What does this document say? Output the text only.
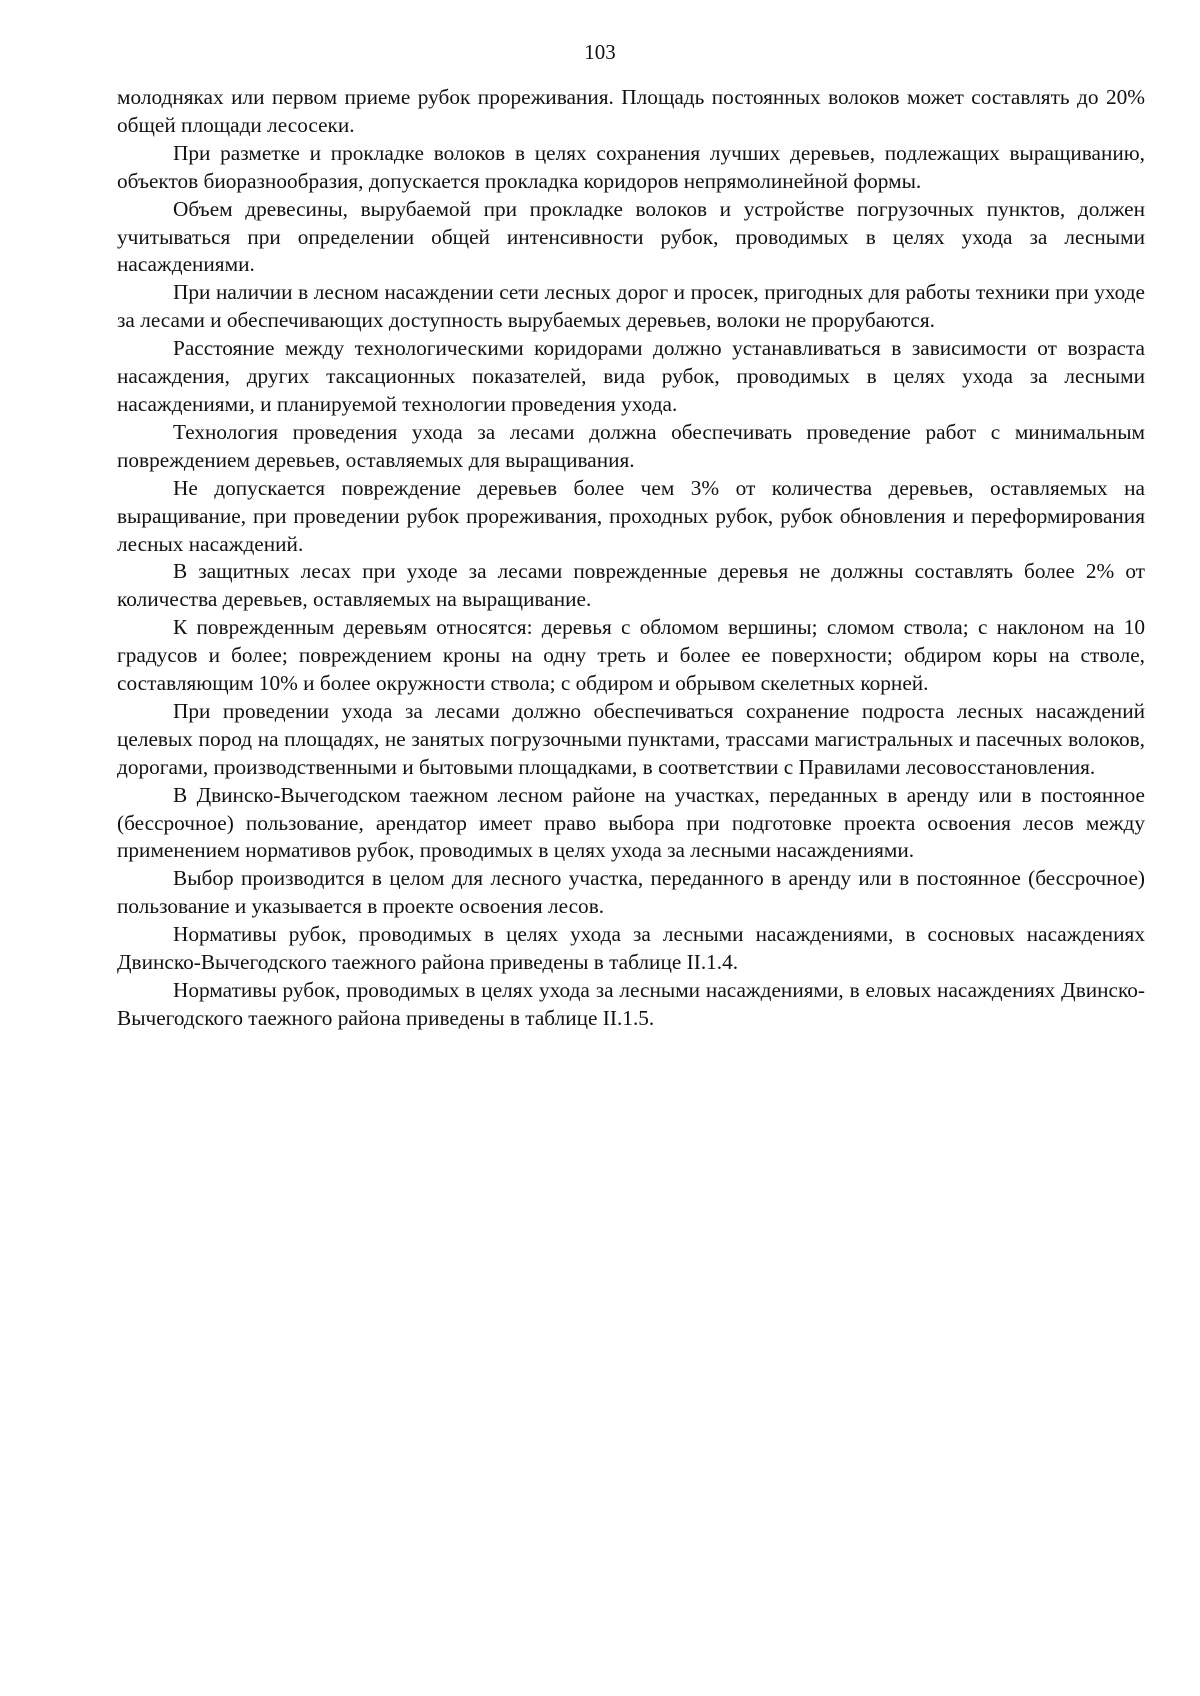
103

молодняках или первом приеме рубок прореживания. Площадь постоянных волоков может составлять до 20% общей площади лесосеки.

При разметке и прокладке волоков в целях сохранения лучших деревьев, подлежащих выращиванию, объектов биоразнообразия, допускается прокладка коридоров непрямолинейной формы.

Объем древесины, вырубаемой при прокладке волоков и устройстве погрузочных пунктов, должен учитываться при определении общей интенсивности рубок, проводимых в целях ухода за лесными насаждениями.

При наличии в лесном насаждении сети лесных дорог и просек, пригодных для работы техники при уходе за лесами и обеспечивающих доступность вырубаемых деревьев, волоки не прорубаются.

Расстояние между технологическими коридорами должно устанавливаться в зависимости от возраста насаждения, других таксационных показателей, вида рубок, проводимых в целях ухода за лесными насаждениями, и планируемой технологии проведения ухода.

Технология проведения ухода за лесами должна обеспечивать проведение работ с минимальным повреждением деревьев, оставляемых для выращивания.

Не допускается повреждение деревьев более чем 3% от количества деревьев, оставляемых на выращивание, при проведении рубок прореживания, проходных рубок, рубок обновления и переформирования лесных насаждений.

В защитных лесах при уходе за лесами поврежденные деревья не должны составлять более 2% от количества деревьев, оставляемых на выращивание.

К поврежденным деревьям относятся: деревья с обломом вершины; сломом ствола; с наклоном на 10 градусов и более; повреждением кроны на одну треть и более ее поверхности; обдиром коры на стволе, составляющим 10% и более окружности ствола; с обдиром и обрывом скелетных корней.

При проведении ухода за лесами должно обеспечиваться сохранение подроста лесных насаждений целевых пород на площадях, не занятых погрузочными пунктами, трассами магистральных и пасечных волоков, дорогами, производственными и бытовыми площадками, в соответствии с Правилами лесовосстановления.

В Двинско-Вычегодском таежном лесном районе на участках, переданных в аренду или в постоянное (бессрочное) пользование, арендатор имеет право выбора при подготовке проекта освоения лесов между применением нормативов рубок, проводимых в целях ухода за лесными насаждениями.

Выбор производится в целом для лесного участка, переданного в аренду или в постоянное (бессрочное) пользование и указывается в проекте освоения лесов.

Нормативы рубок, проводимых в целях ухода за лесными насаждениями, в сосновых насаждениях Двинско-Вычегодского таежного района приведены в таблице II.1.4.

Нормативы рубок, проводимых в целях ухода за лесными насаждениями, в еловых насаждениях Двинско-Вычегодского таежного района приведены в таблице II.1.5.
